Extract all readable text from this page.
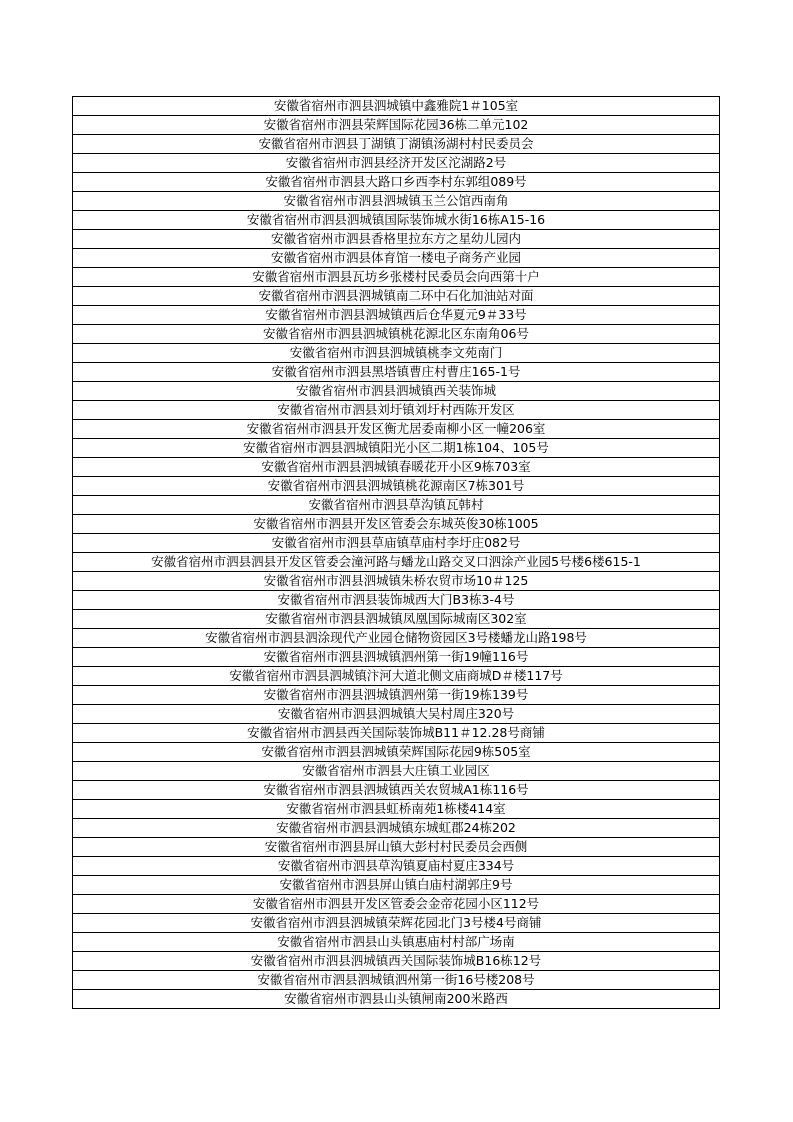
安徽省宿州市泗县泗城镇中鑫雅院1＃105室
安徽省宿州市泗县荣辉国际花园36栋二单元102
安徽省宿州市泗县丁湖镇丁湖镇汤湖村村民委员会
安徽省宿州市泗县经济开发区沱湖路2号
安徽省宿州市泗县大路口乡西李村东郭组089号
安徽省宿州市泗县泗城镇玉兰公馆西南角
安徽省宿州市泗县泗城镇国际装饰城水街16栋A15-16
安徽省宿州市泗县香格里拉东方之星幼儿园内
安徽省宿州市泗县体育馆一楼电子商务产业园
安徽省宿州市泗县瓦坊乡张楼村民委员会向西第十户
安徽省宿州市泗县泗城镇南二环中石化加油站对面
安徽省宿州市泗县泗城镇西后仓华夏元9＃33号
安徽省宿州市泗县泗城镇桃花源北区东南角06号
安徽省宿州市泗县泗城镇桃李文苑南门
安徽省宿州市泗县黑塔镇曹庄村曹庄165-1号
安徽省宿州市泗县泗城镇西关装饰城
安徽省宿州市泗县刘圩镇刘圩村西陈开发区
安徽省宿州市泗县开发区衡尤居委南柳小区一幢206室
安徽省宿州市泗县泗城镇阳光小区二期1栋104、105号
安徽省宿州市泗县泗城镇春暖花开小区9栋703室
安徽省宿州市泗县泗城镇桃花源南区7栋301号
安徽省宿州市泗县草沟镇瓦韩村
安徽省宿州市泗县开发区管委会东城英俊30栋1005
安徽省宿州市泗县草庙镇草庙村李圩庄082号
安徽省宿州市泗县泗县开发区管委会潼河路与蟠龙山路交叉口泗涂产业园5号楼6楼615-1
安徽省宿州市泗县泗城镇朱桥农贸市场10＃125
安徽省宿州市泗县装饰城西大门B3栋3-4号
安徽省宿州市泗县泗城镇凤凰国际城南区302室
安徽省宿州市泗县泗涂现代产业园仓储物资园区3号楼蟠龙山路198号
安徽省宿州市泗县泗城镇泗州第一街19幢116号
安徽省宿州市泗县泗城镇汴河大道北侧文庙商城D＃楼117号
安徽省宿州市泗县泗城镇泗州第一街19栋139号
安徽省宿州市泗县泗城镇大吴村周庄320号
安徽省宿州市泗县西关国际装饰城B11＃12.28号商铺
安徽省宿州市泗县泗城镇荣辉国际花园9栋505室
安徽省宿州市泗县大庄镇工业园区
安徽省宿州市泗县泗城镇西关农贸城A1栋116号
安徽省宿州市泗县虹桥南苑1栋楼414室
安徽省宿州市泗县泗城镇东城虹郡24栋202
安徽省宿州市泗县屏山镇大彭村村民委员会西侧
安徽省宿州市泗县草沟镇夏庙村夏庄334号
安徽省宿州市泗县屏山镇白庙村湖郭庄9号
安徽省宿州市泗县开发区管委会金帝花园小区112号
安徽省宿州市泗县泗城镇荣辉花园北门3号楼4号商铺
安徽省宿州市泗县山头镇惠庙村村部广场南
安徽省宿州市泗县泗城镇西关国际装饰城B16栋12号
安徽省宿州市泗县泗城镇泗州第一街16号楼208号
安徽省宿州市泗县山头镇闸南200米路西
